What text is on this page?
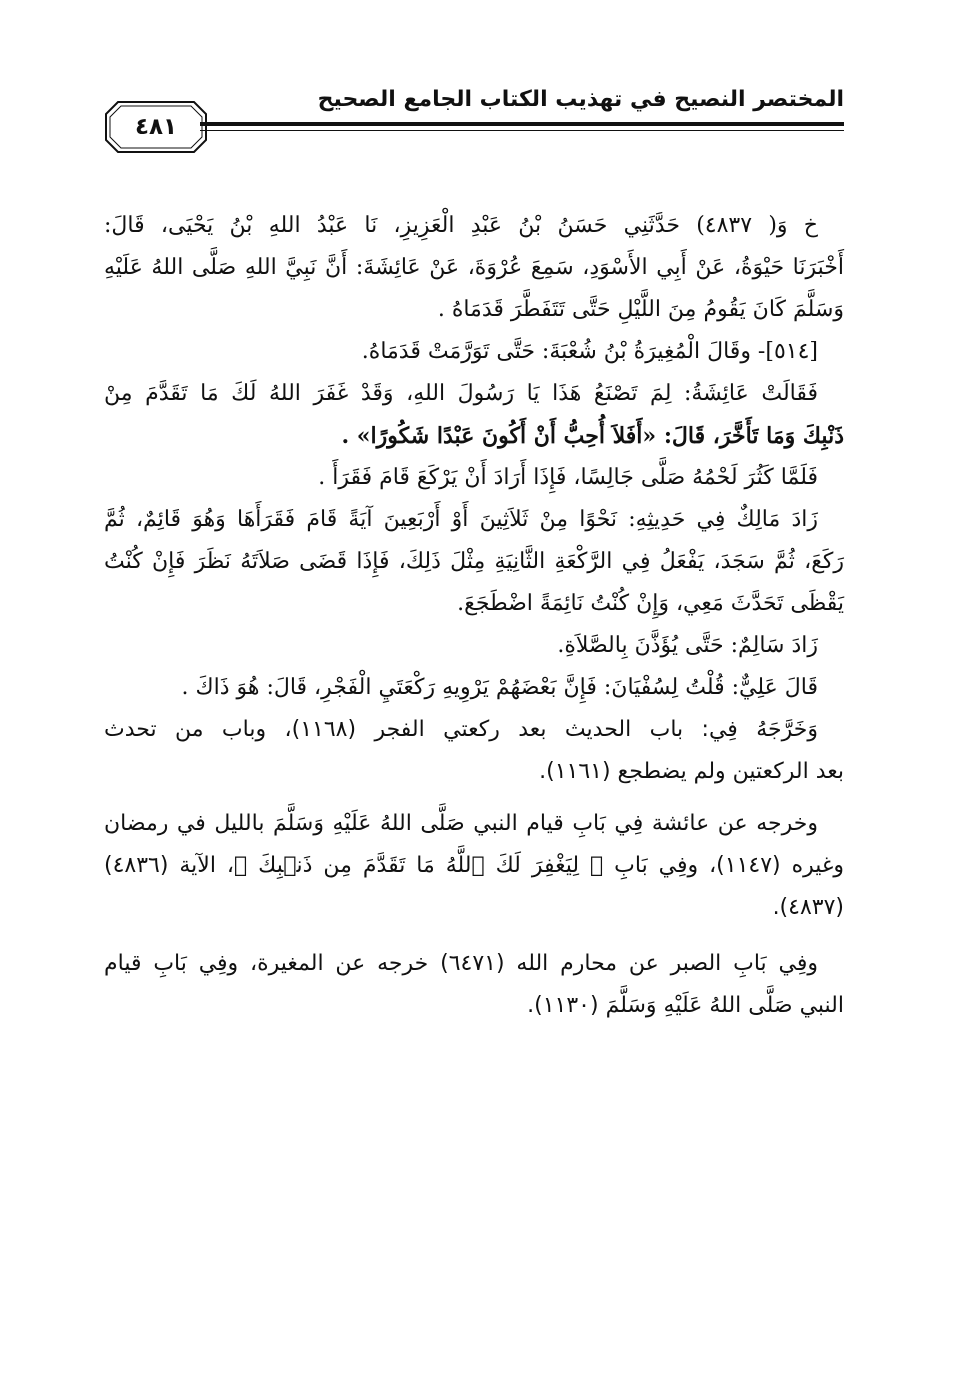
المختصر النصيح في تهذيب الكتاب الجامع الصحيح
٤٨١
خ وَ( ٤٨٣٧) حَدَّثَنِي حَسَنُ بْنُ عَبْدِ الْعَزِيزِ، نَا عَبْدُ اللهِ بْنُ يَحْيَى، قَالَ:
أَخْبَرَنَا حَيْوَةُ، عَنْ أَبِي الأَسْوَدِ، سَمِعَ عُرْوَةَ، عَنْ عَائِشَةَ: أَنَّ نَبِيَّ اللهِ صَلَّى اللهُ عَلَيْهِ
وَسَلَّمَ كَانَ يَقُومُ مِنَ اللَّيْلِ حَتَّى تَتَفَطَّرَ قَدَمَاهُ .
[٥١٤]- وقَالَ الْمُغِيرَةُ بْنُ شُعْبَةَ: حَتَّى تَوَرَّمَتْ قَدَمَاهُ.
فَقَالَتْ عَائِشَةُ: لِمَ تَصْنَعُ هَذَا يَا رَسُولَ اللهِ، وَقَدْ غَفَرَ اللهُ لَكَ مَا تَقَدَّمَ مِنْ
ذَنْبِكَ وَمَا تَأَخَّرَ، قَالَ: «أَفَلاَ أُحِبُّ أَنْ أَكُونَ عَبْدًا شَكُورًا» .
فَلَمَّا كَثُرَ لَحْمُهُ صَلَّى جَالِسًا، فَإِذَا أَرَادَ أَنْ يَرْكَعَ قَامَ فَقَرَأَ .
زَادَ مَالِكٌ فِي حَدِيثِهِ: نَحْوًا مِنْ ثَلاَثِينَ أَوْ أَرْبَعِينَ آيَةً قَامَ فَقَرَأَهَا وَهُوَ قَائِمٌ، ثُمَّ
رَكَعَ، ثُمَّ سَجَدَ، يَفْعَلُ فِي الرَّكْعَةِ الثَّانِيَةِ مِثْلَ ذَلِكَ، فَإِذَا قَضَى صَلاَتَهُ نَظَرَ فَإِنْ كُنْتُ
يَقْظَى تَحَدَّثَ مَعِي، وَإِنْ كُنْتُ نَائِمَةً اضْطَجَعَ.
زَادَ سَالِمٌ: حَتَّى يُؤَذَّنَ بِالصَّلاَةِ.
قَالَ عَلِيٌّ: قُلْتُ لِسُفْيَانَ: فَإِنَّ بَعْضَهُمْ يَرْوِيهِ رَكْعَتَيِ الْفَجْرِ، قَالَ: هُوَ ذَاكَ .
وَخَرَّجَهُ فِي: باب الحديث بعد ركعتي الفجر (١١٦٨)، وباب من تحدث
بعد الركعتين ولم يضطجع (١١٦١).
وخرجه عن عائشة فِي بَابِ قيام النبي صَلَّى اللهُ عَلَيْهِ وَسَلَّمَ بالليل في رمضان
وغيره (١١٤٧)، وفِي بَابِ ﴿ لِيَغْفِرَ لَكَ ٱللَّهُ مَا تَقَدَّمَ مِن ذَنۢبِكَ ﴾، الآية (٤٨٣٦)
(٤٨٣٧).
وفِي بَابِ الصبر عن محارم الله (٦٤٧١) خرجه عن المغيرة، وفِي بَابِ قيام
النبي صَلَّى اللهُ عَلَيْهِ وَسَلَّمَ (١١٣٠).
